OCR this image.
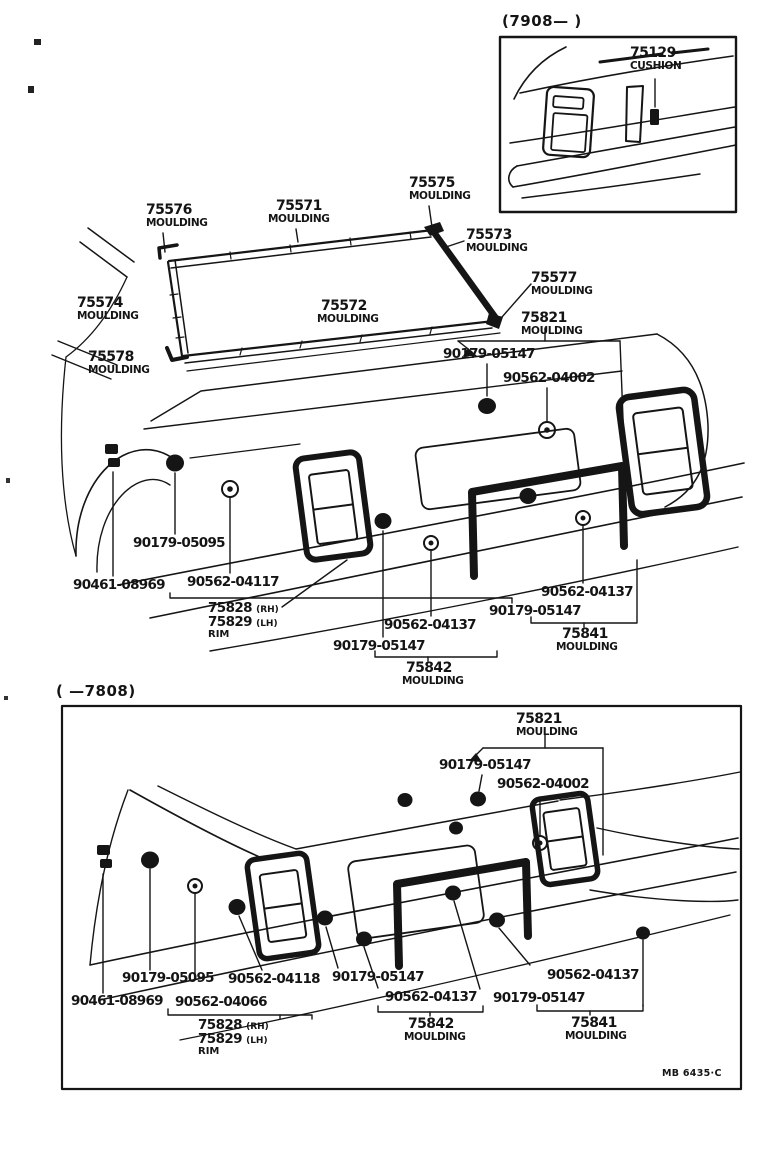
(7908— )
75129
CUSHION
75576
MOULDING
75571
MOULDING
75575
MOULDING
75573
MOULDING
75577
MOULDING
75821
MOULDING
75574
MOULDING
75572
MOULDING
75578
MOULDING
90179-05147
90562-04002
90179-05095
90461-08969 90562-04117
75828 (RH)
75829 (LH)
RIM
90562-04137
90179-05147
75842
MOULDING
90562-04137
90179-05147
75841
MOULDING
( —7808)
75821
MOULDING
90179-05147
90562-04002
90179-05095 90562-04118 90179-05147
90461-08969 90562-04066	90562-04137 90179-05147
90562-04137
75828 (RH)
75829 (LH)
RIM
75842
MOULDING
75841
MOULDING
MB 6435·C
